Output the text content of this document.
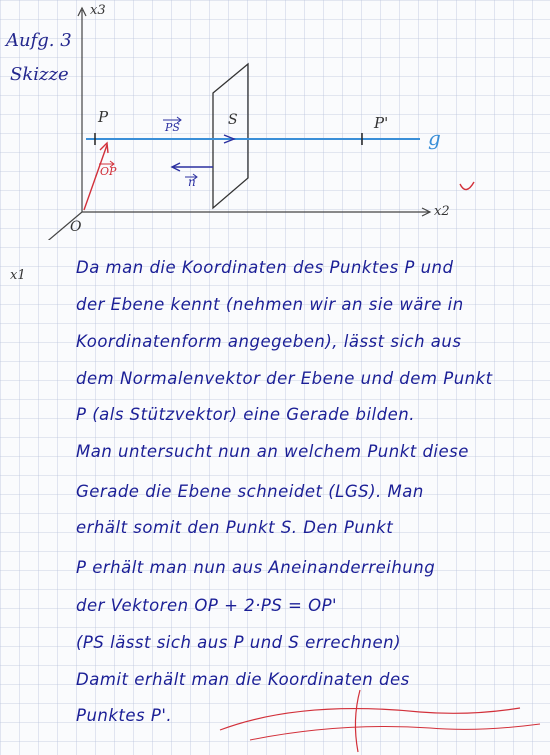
Aufg. 3
Skizze
x3
x2
x1
O
P	S	P'
PS
OP
n
g
Da man die Koordinaten des Punktes P und
der Ebene kennt (nehmen wir an sie wäre in
Koordinatenform angegeben), lässt sich aus
dem Normalenvektor der Ebene und dem Punkt
P (als Stützvektor) eine Gerade bilden.
Man untersucht nun an welchem Punkt diese
Gerade die Ebene schneidet (LGS). Man
erhält somit den Punkt S. Den Punkt
P erhält man nun aus Aneinanderreihung
der Vektoren OP + 2·PS = OP'
(PS lässt sich aus P und S errechnen)
Damit erhält man die Koordinaten des
Punktes P'.
